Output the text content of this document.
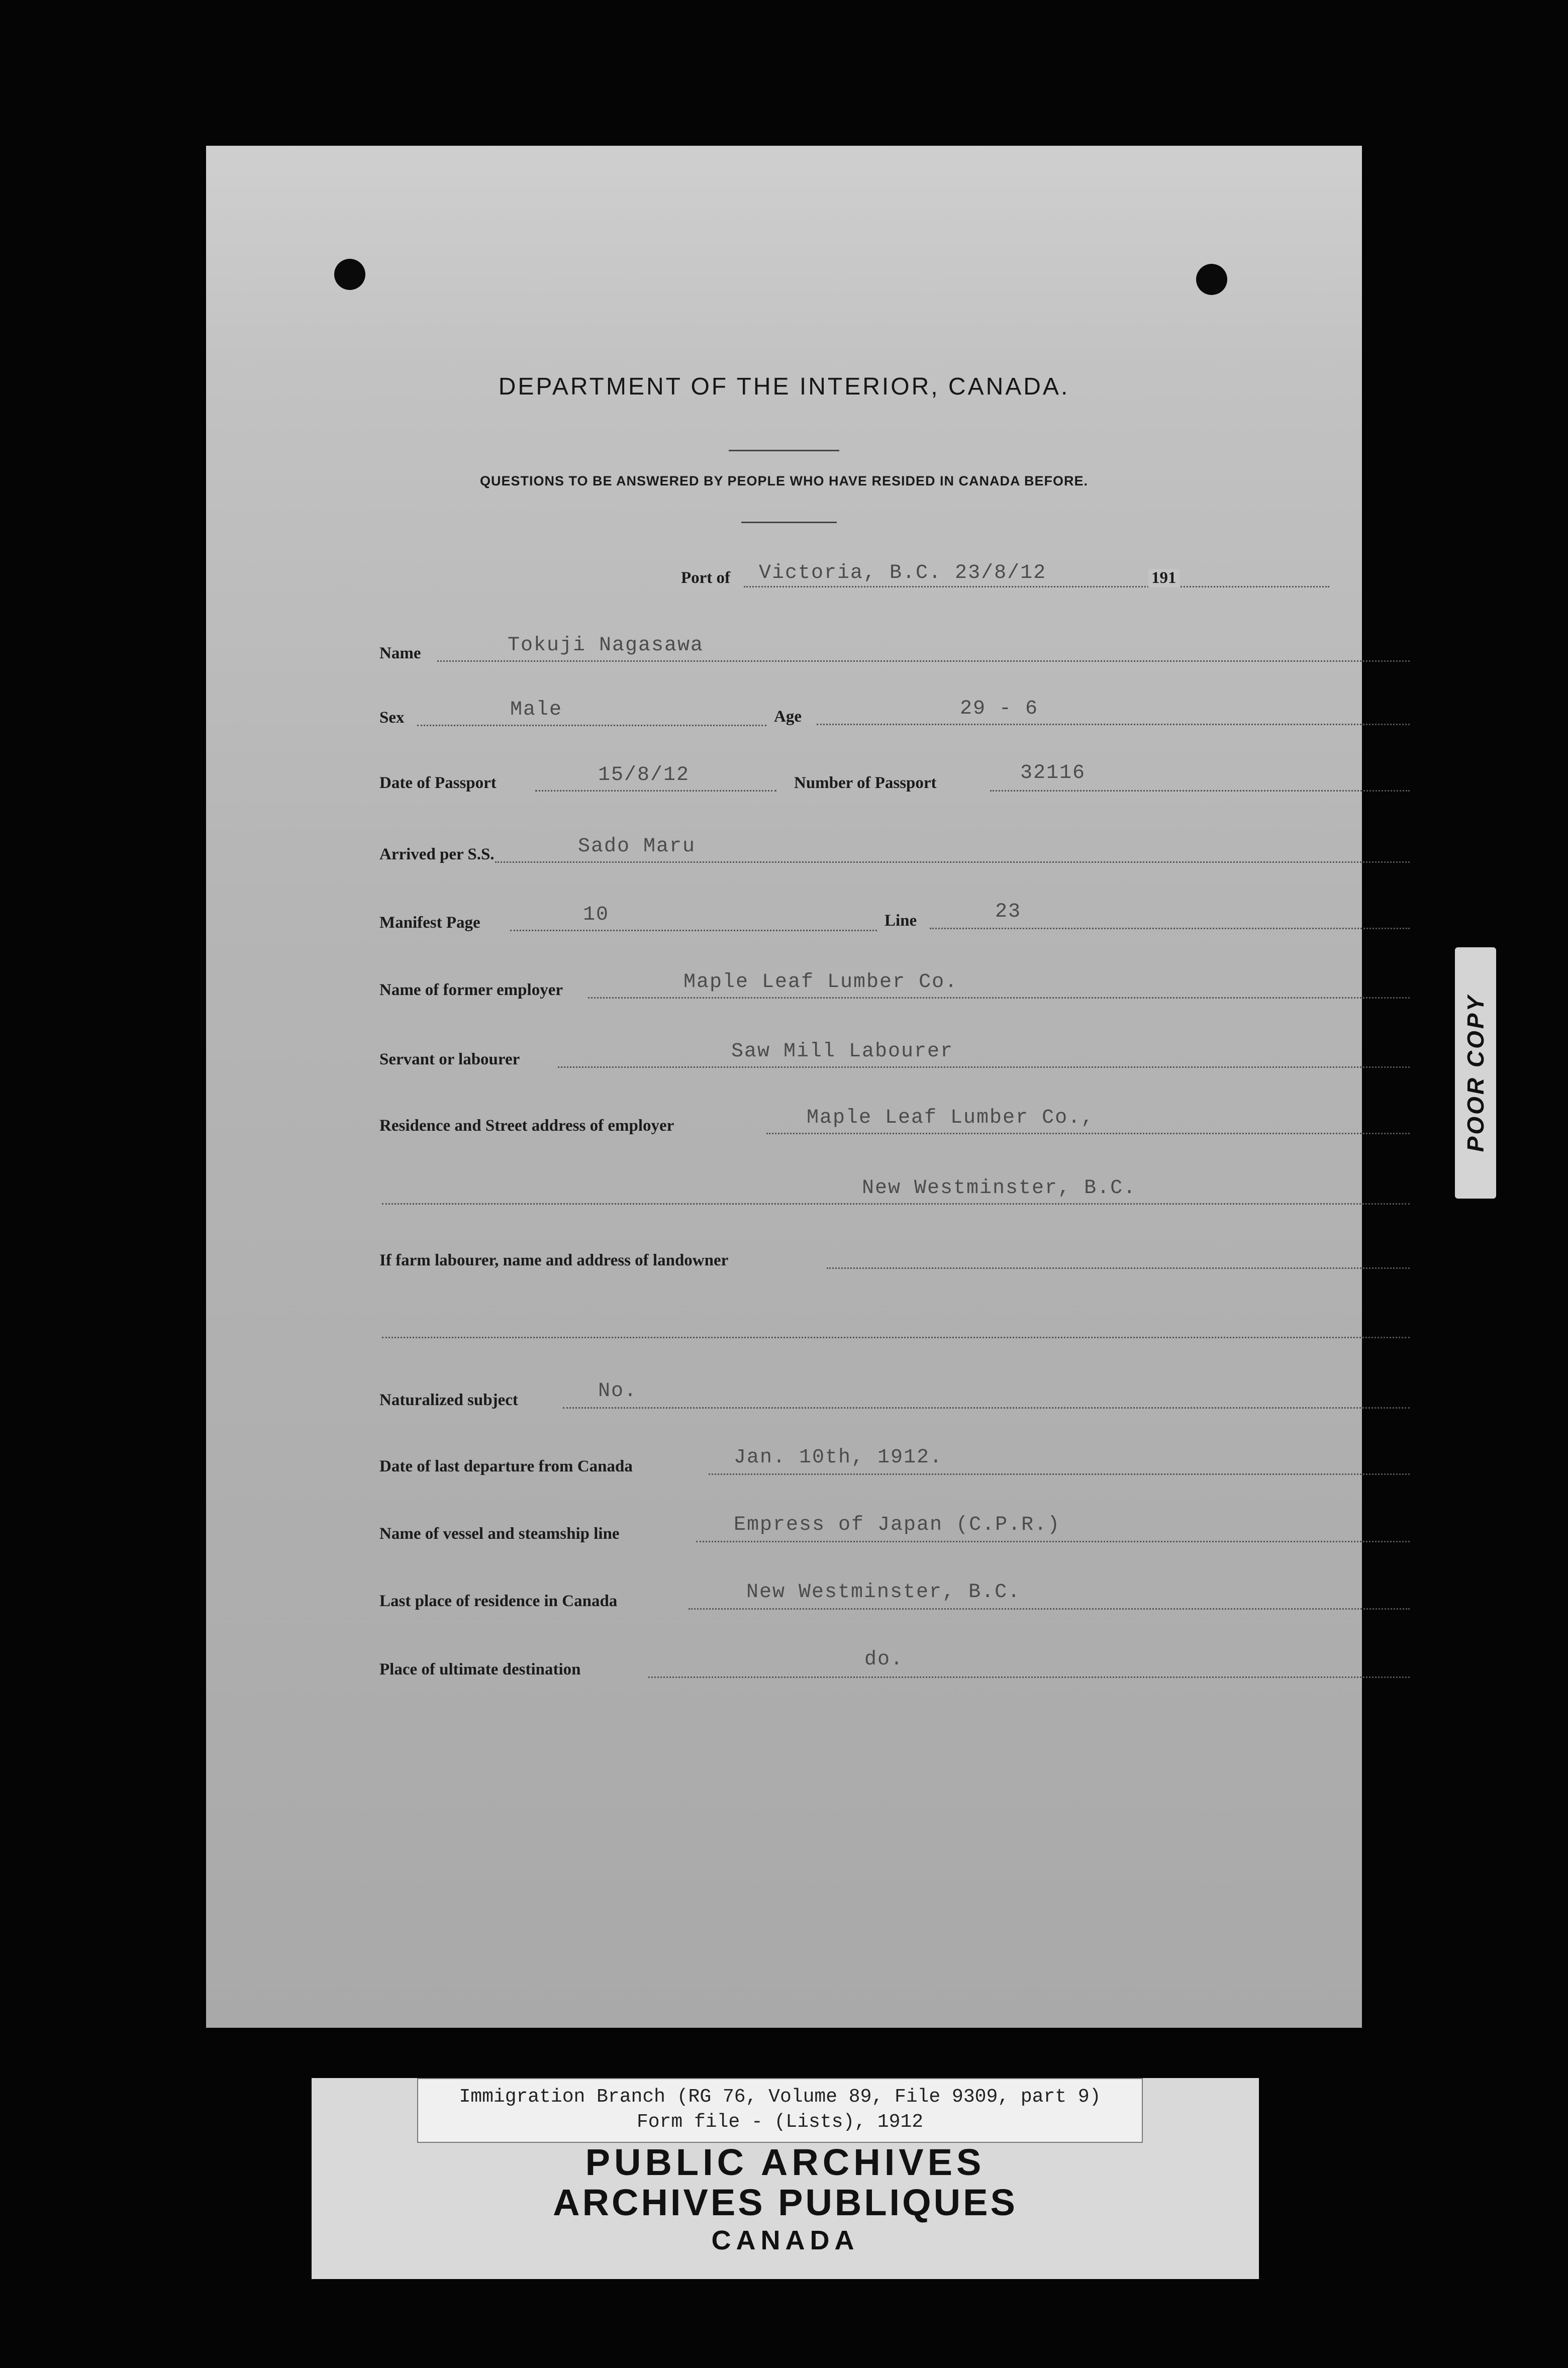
DEPARTMENT OF THE INTERIOR, CANADA.
QUESTIONS TO BE ANSWERED BY PEOPLE WHO HAVE RESIDED IN CANADA BEFORE.
Port of Victoria, B.C. 23/8/12	191
Name	Tokuji Nagasawa
Sex	Male	Age	29 - 6
Date of Passport	15/8/12	Number of Passport	32116
Arrived per S.S.	Sado Maru
Manifest Page	10	Line	23
Name of former employer	Maple Leaf Lumber Co.
Servant or labourer	Saw Mill Labourer
Residence and Street address of employer	Maple Leaf Lumber Co.,
New Westminster, B.C.
If farm labourer, name and address of landowner
Naturalized subject	No.
Date of last departure from Canada	Jan. 10th, 1912.
Name of vessel and steamship line	Empress of Japan (C.P.R.)
Last place of residence in Canada	New Westminster, B.C.
Place of ultimate destination	do.
POOR COPY
Immigration Branch (RG 76, Volume 89, File 9309, part 9)
Form file - (Lists), 1912
PUBLIC ARCHIVES
ARCHIVES PUBLIQUES
CANADA
